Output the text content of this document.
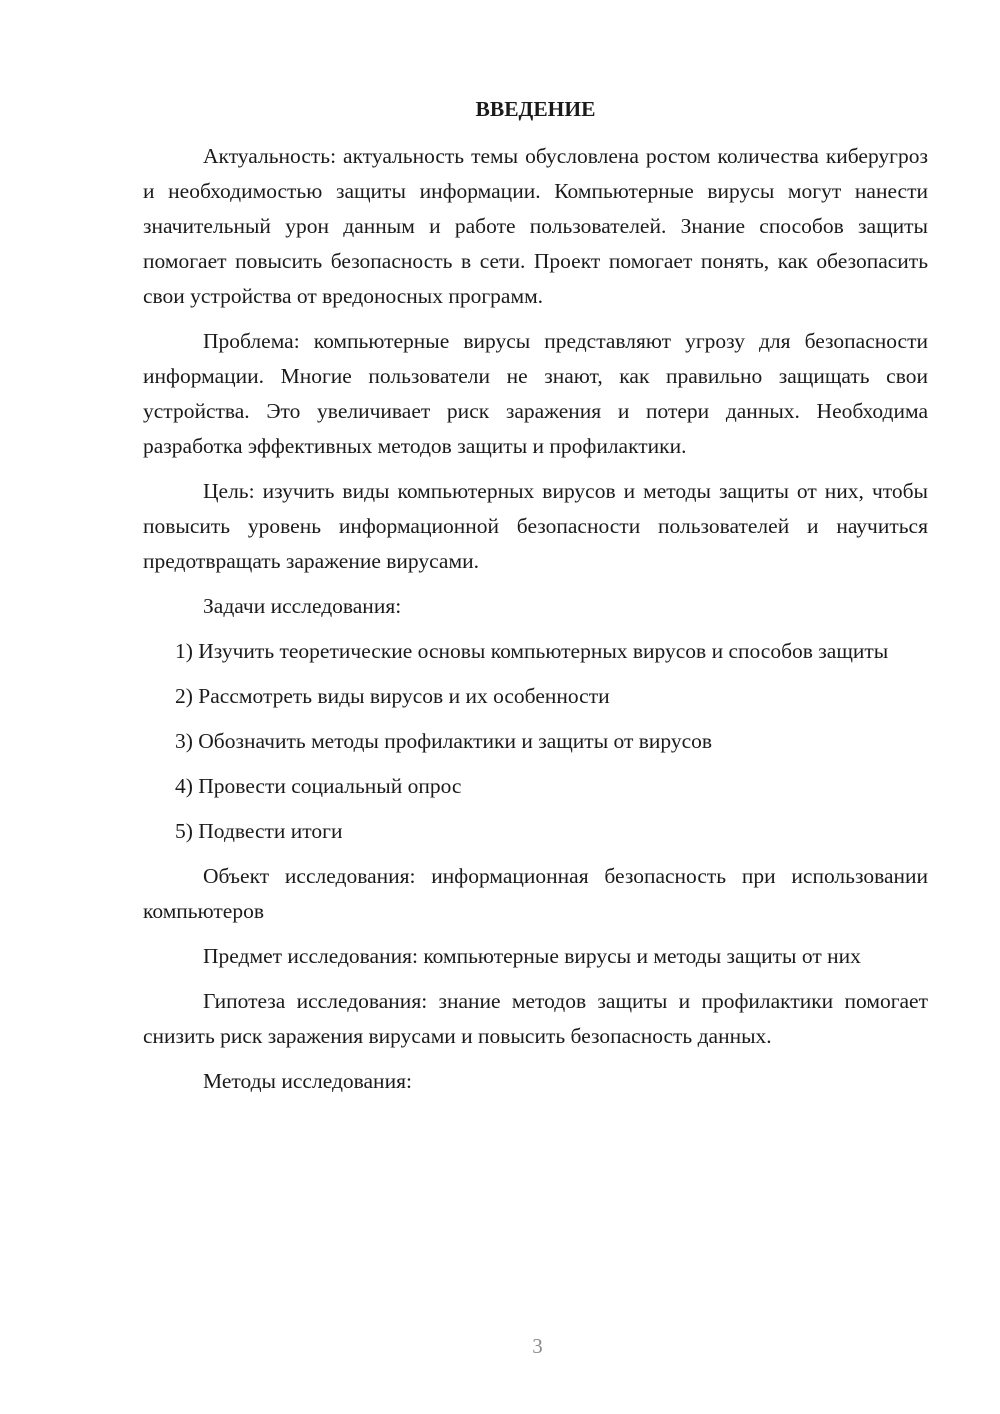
ВВЕДЕНИЕ

Актуальность: актуальность темы обусловлена ростом количества киберугроз и необходимостью защиты информации. Компьютерные вирусы могут нанести значительный урон данным и работе пользователей. Знание способов защиты помогает повысить безопасность в сети. Проект помогает понять, как обезопасить свои устройства от вредоносных программ.

Проблема: компьютерные вирусы представляют угрозу для безопасности информации. Многие пользователи не знают, как правильно защищать свои устройства. Это увеличивает риск заражения и потери данных. Необходима разработка эффективных методов защиты и профилактики.

Цель: изучить виды компьютерных вирусов и методы защиты от них, чтобы повысить уровень информационной безопасности пользователей и научиться предотвращать заражение вирусами.

Задачи исследования:

1) Изучить теоретические основы компьютерных вирусов и способов защиты

2) Рассмотреть виды вирусов и их особенности

3) Обозначить методы профилактики и защиты от вирусов

4) Провести социальный опрос

5) Подвести итоги

Объект исследования: информационная безопасность при использовании компьютеров

Предмет исследования: компьютерные вирусы и методы защиты от них

Гипотеза исследования: знание методов защиты и профилактики помогает снизить риск заражения вирусами и повысить безопасность данных.

Методы исследования:

3
